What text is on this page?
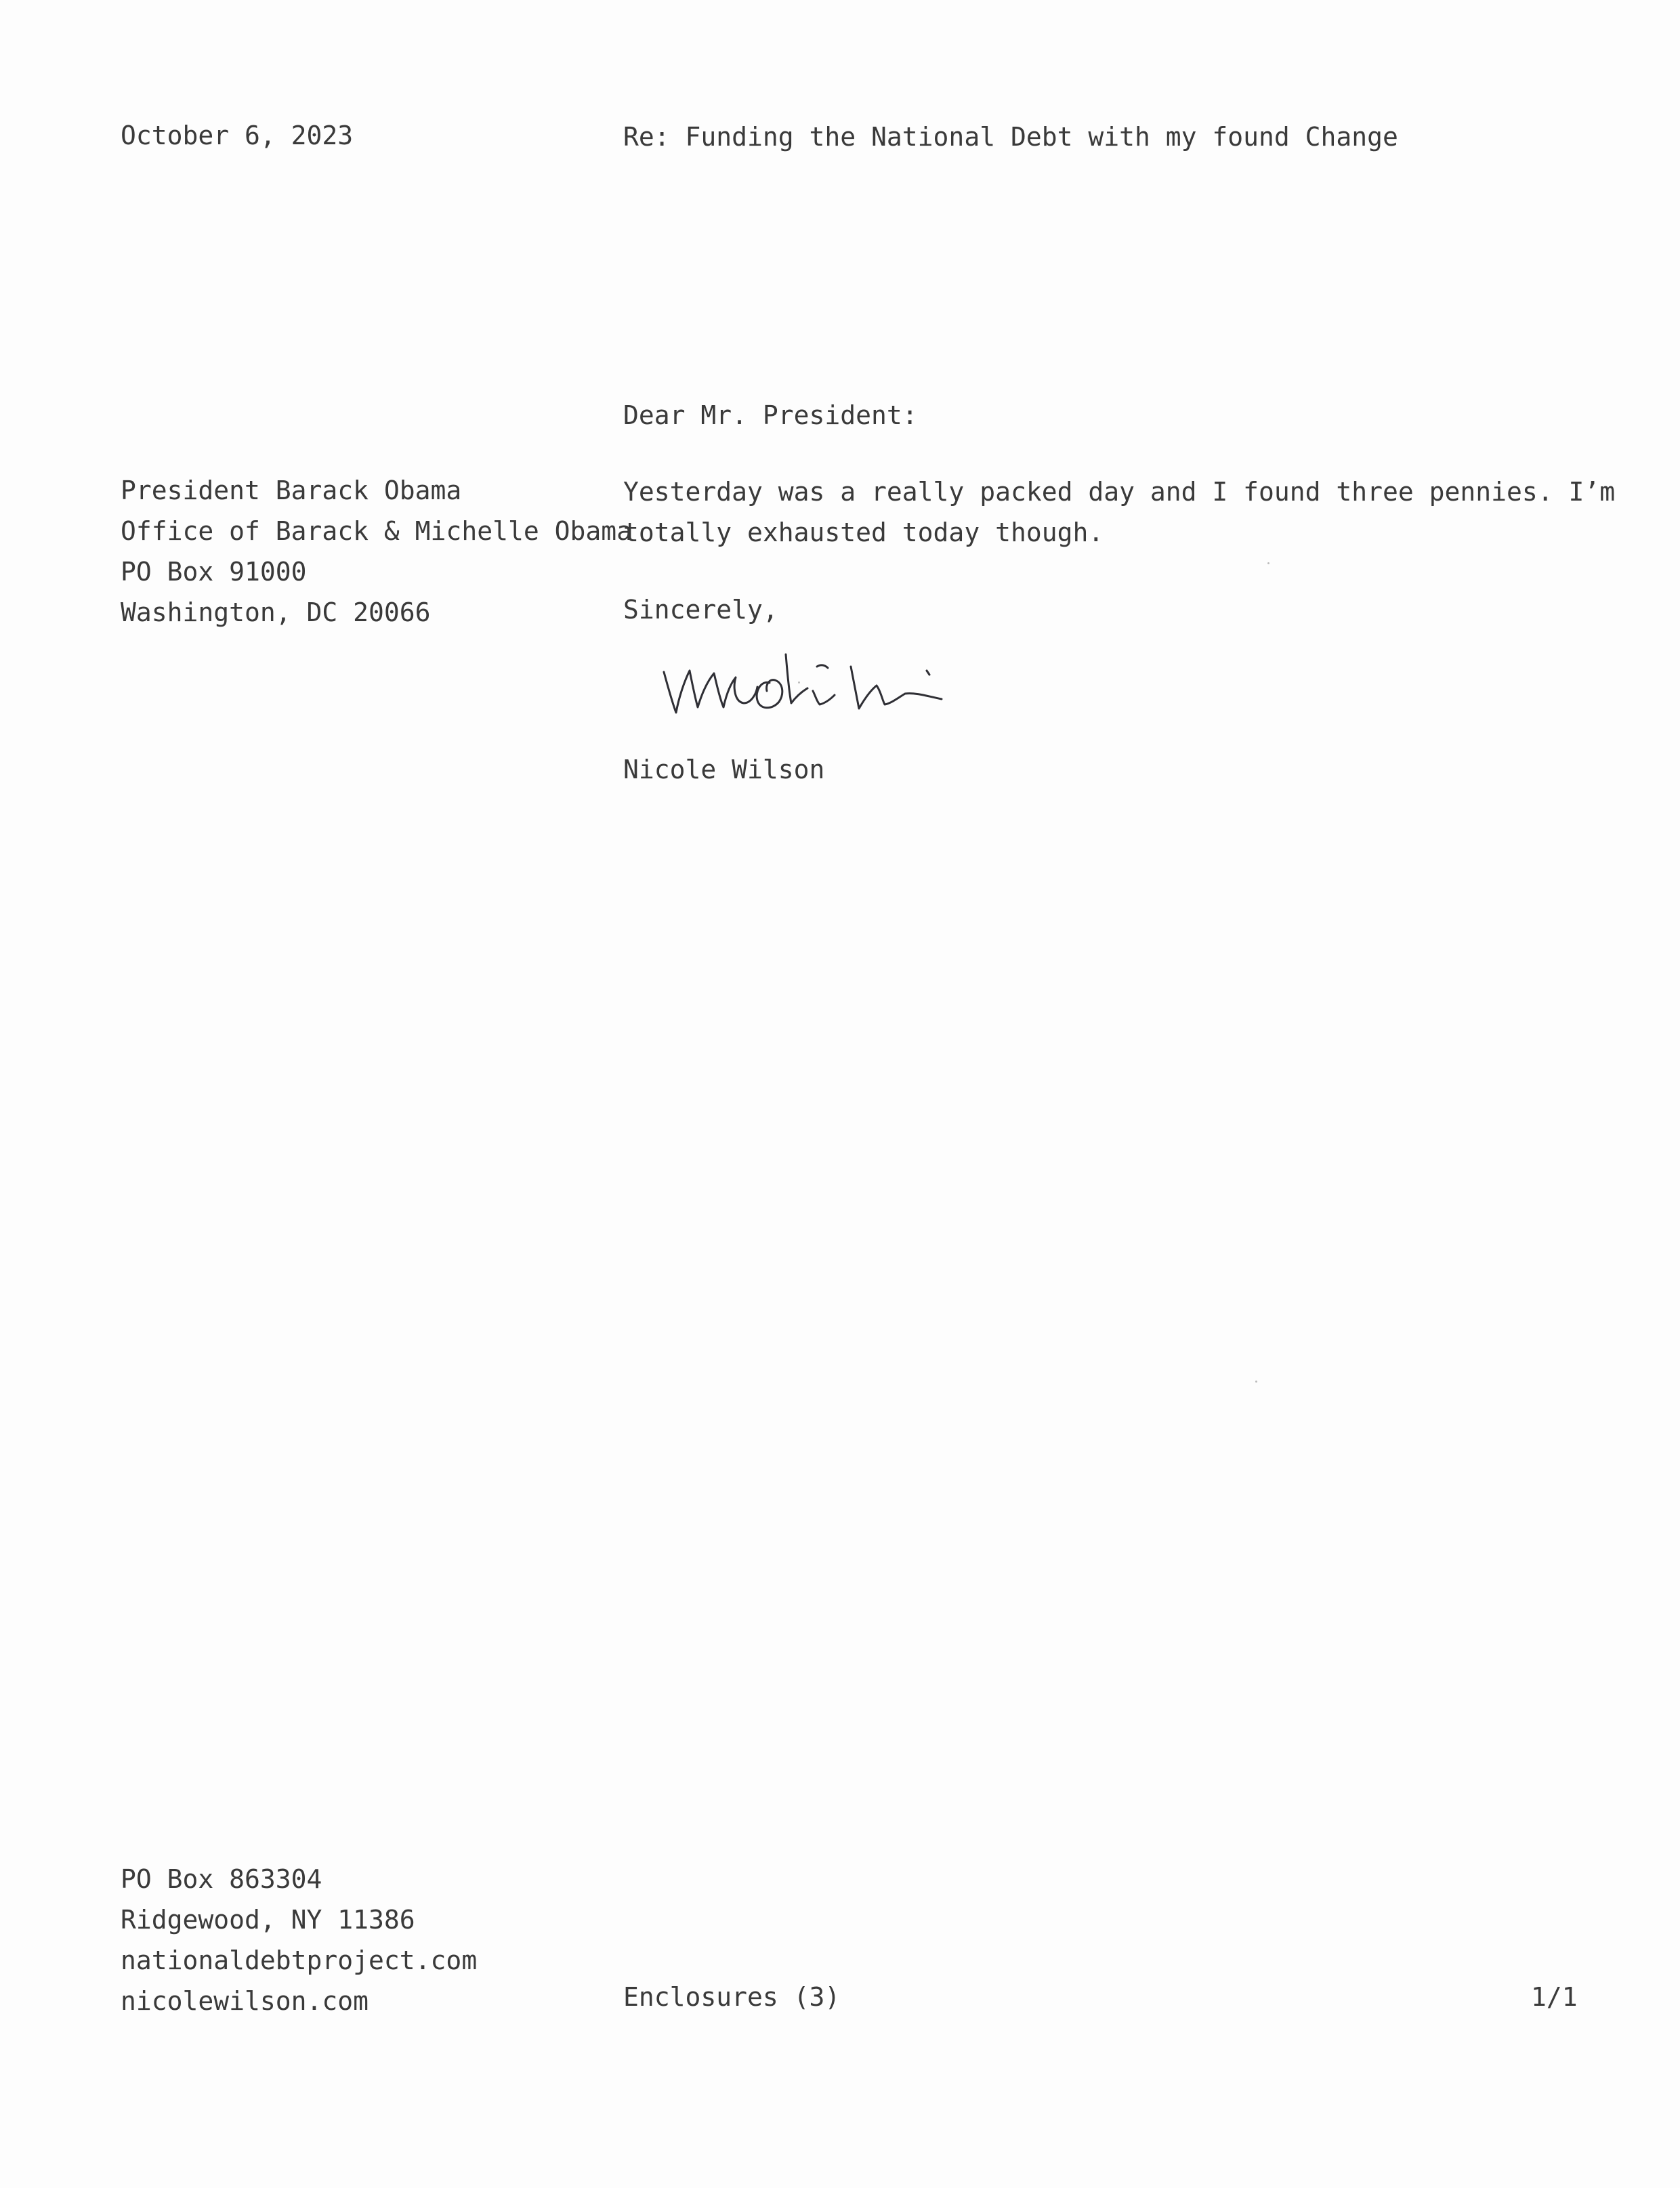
October 6, 2023	Re: Funding the National Debt with my found Change
Dear Mr. President:
President Barack Obama
Office of Barack & Michelle Obama
PO Box 91000
Washington, DC 20066
Yesterday was a really packed day and I found three pennies. I’m
totally exhausted today though.
Sincerely,
Nicole Wilson
PO Box 863304
Ridgewood, NY 11386
nationaldebtproject.com
nicolewilson.com	Enclosures (3)	1/1
